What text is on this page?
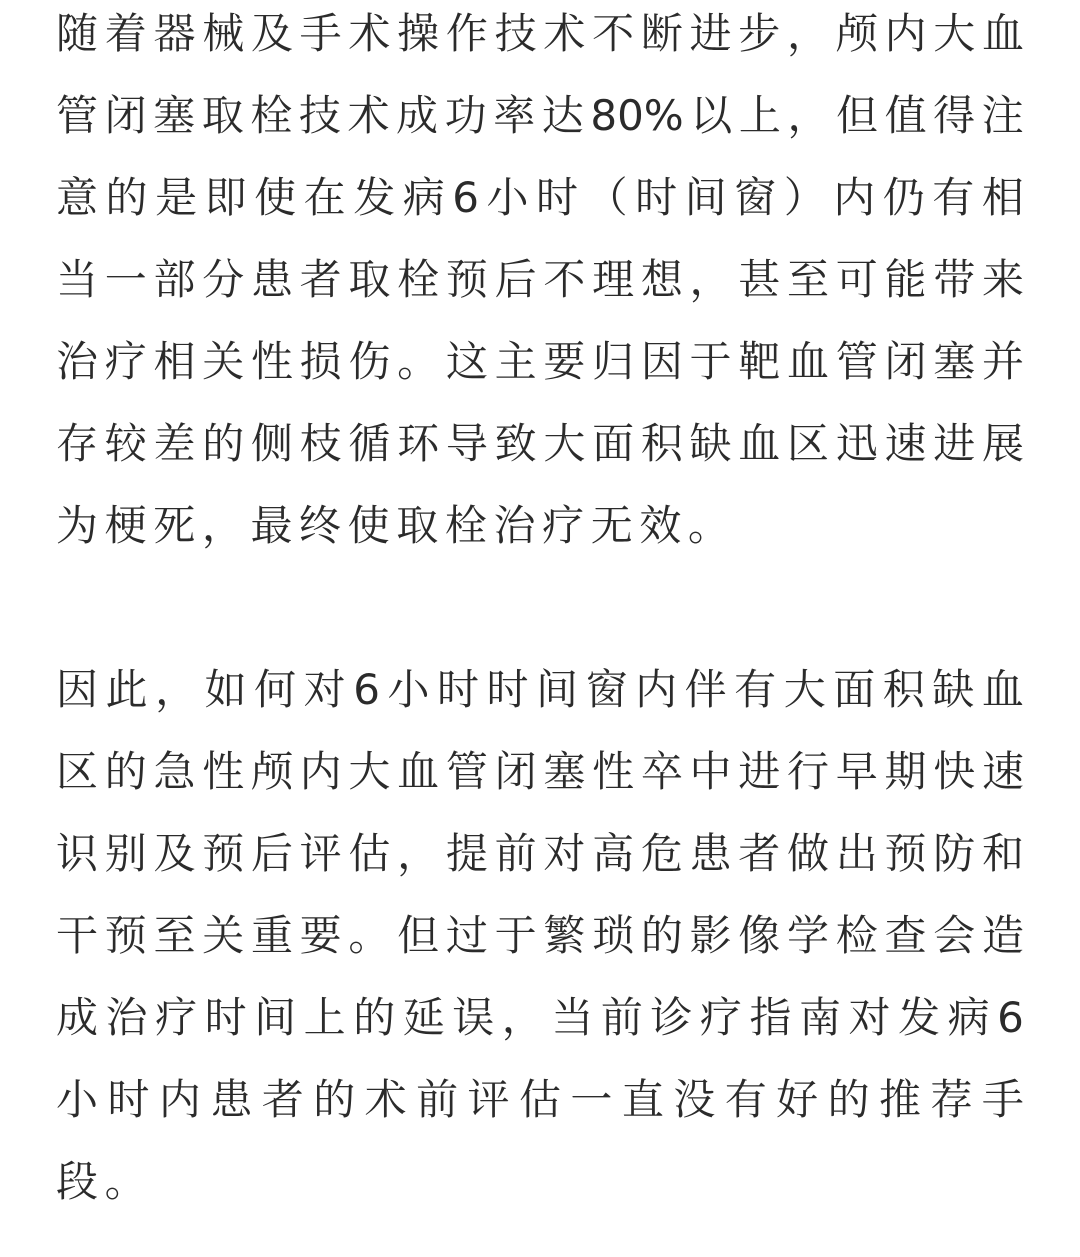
随 着 器 械 及 手 术 操 作 技 术 不 断 进 步 ， 颅 内 大 血
管 闭 塞 取 栓 技 术 成 功 率 达 80% 以 上 ， 但 值 得 注
意 的 是 即 使 在 发 病 6 小 时 （ 时 间 窗 ） 内 仍 有 相
当 一 部 分 患 者 取 栓 预 后 不 理 想 ， 甚 至 可 能 带 来
治 疗 相 关 性 损 伤 。 这 主 要 归 因 于 靶 血 管 闭 塞 并
存 较 差 的 侧 枝 循 环 导 致 大 面 积 缺 血 区 迅 速 进 展
为 梗 死 ， 最 终 使 取 栓 治 疗 无 效 。
因 此 ， 如 何 对 6 小 时 时 间 窗 内 伴 有 大 面 积 缺 血
区 的 急 性 颅 内 大 血 管 闭 塞 性 卒 中 进 行 早 期 快 速
识 别 及 预 后 评 估 ， 提 前 对 高 危 患 者 做 出 预 防 和
干 预 至 关 重 要 。 但 过 于 繁 琐 的 影 像 学 检 查 会 造
成 治 疗 时 间 上 的 延 误 ， 当 前 诊 疗 指 南 对 发 病 6
小 时 内 患 者 的 术 前 评 估 一 直 没 有 好 的 推 荐 手
段 。
